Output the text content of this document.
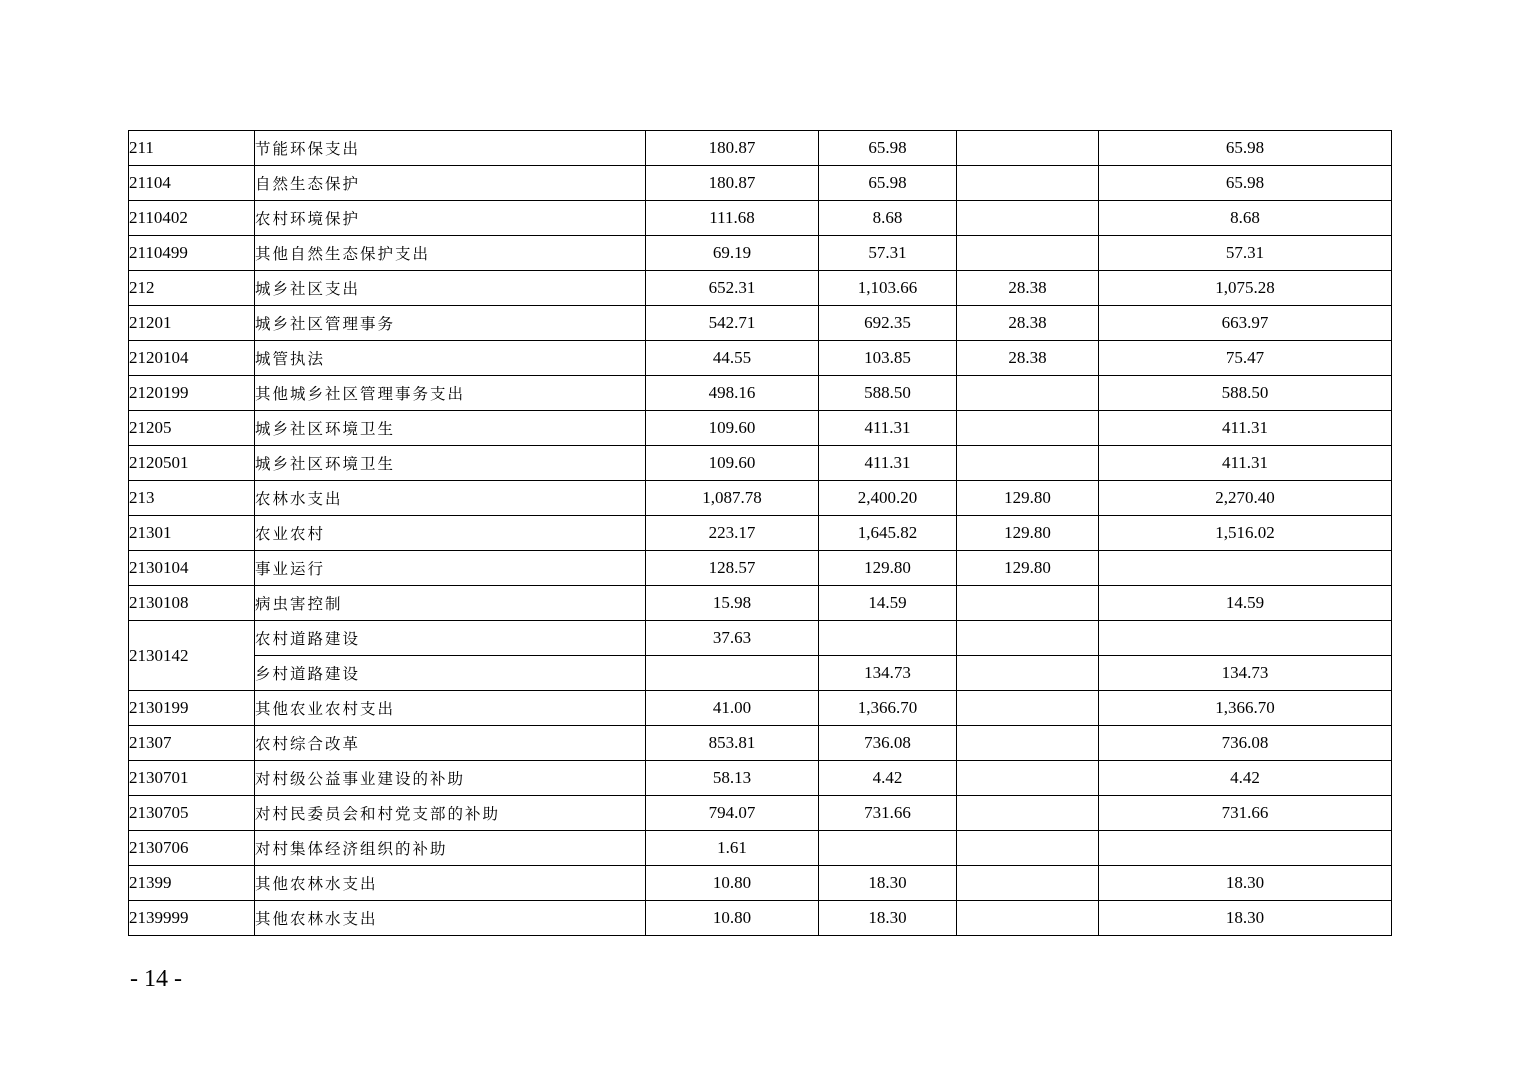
211	节能环保支出	180.87	65.98		65.98
21104	自然生态保护	180.87	65.98		65.98
2110402	农村环境保护	111.68	8.68		8.68
2110499	其他自然生态保护支出	69.19	57.31		57.31
212	城乡社区支出	652.31	1,103.66	28.38	1,075.28
21201	城乡社区管理事务	542.71	692.35	28.38	663.97
2120104	城管执法	44.55	103.85	28.38	75.47
2120199	其他城乡社区管理事务支出	498.16	588.50		588.50
21205	城乡社区环境卫生	109.60	411.31		411.31
2120501	城乡社区环境卫生	109.60	411.31		411.31
213	农林水支出	1,087.78	2,400.20	129.80	2,270.40
21301	农业农村	223.17	1,645.82	129.80	1,516.02
2130104	事业运行	128.57	129.80	129.80	
2130108	病虫害控制	15.98	14.59		14.59
2130142	农村道路建设	37.63			
	乡村道路建设		134.73		134.73
2130199	其他农业农村支出	41.00	1,366.70		1,366.70
21307	农村综合改革	853.81	736.08		736.08
2130701	对村级公益事业建设的补助	58.13	4.42		4.42
2130705	对村民委员会和村党支部的补助	794.07	731.66		731.66
2130706	对村集体经济组织的补助	1.61			
21399	其他农林水支出	10.80	18.30		18.30
2139999	其他农林水支出	10.80	18.30		18.30
- 14 -
